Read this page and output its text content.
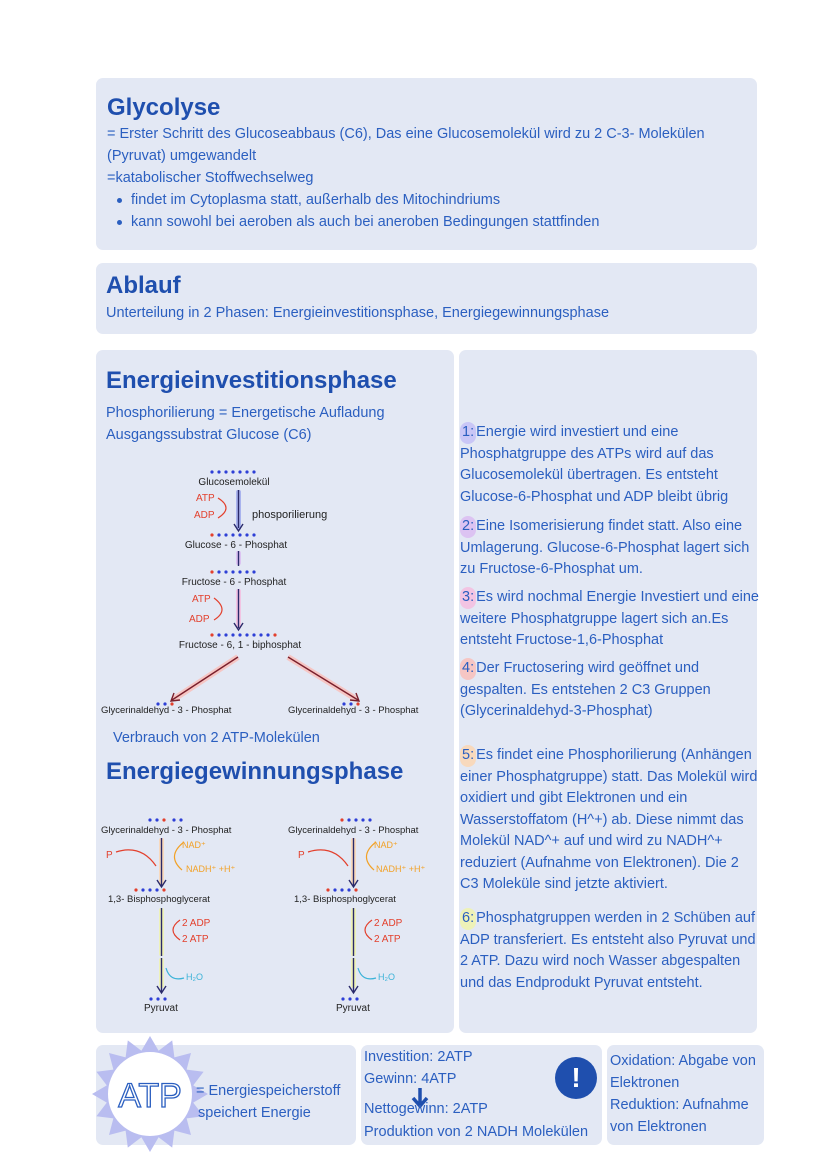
Glycolyse
= Erster Schritt des Glucoseabbaus (C6), Das eine Glucosemolekül wird zu 2 C-3- Molekülen
(Pyruvat) umgewandelt
=katabolischer Stoffwechselweg
findet im Cytoplasma statt, außerhalb des Mitochindriums
kann sowohl bei aeroben als auch bei aneroben Bedingungen stattfinden
Ablauf
Unterteilung in 2 Phasen: Energieinvestitionsphase, Energiegewinnungsphase
Energieinvestitionsphase
Phosphorilierung = Energetische Aufladung
Ausgangssubstrat Glucose (C6)
Glucosemolekül
ATP
ADP	phosporilierung
Glucose - 6 - Phosphat
Fructose - 6 - Phosphat
ATP
ADP
Fructose - 6, 1 - biphosphat
Glycerinaldehyd - 3 - Phosphat	Glycerinaldehyd - 3 - Phosphat
Verbrauch von 2 ATP-Molekülen
Energiegewinnungsphase
Glycerinaldehyd - 3 - Phosphat
P
NAD⁺
NADH⁺ +H⁺
1,3- Bisphosphoglycerat
2 ADP
2 ATP
H₂O
Pyruvat
Glycerinaldehyd - 3 - Phosphat
P
NAD⁺
NADH⁺ +H⁺
1,3- Bisphosphoglycerat
2 ADP
2 ATP
H₂O
Pyruvat
1: Energie wird investiert und eine Phosphatgruppe des ATPs wird auf das Glucosemolekül übertragen. Es entsteht Glucose-6-Phosphat und ADP bleibt übrig
2: Eine Isomerisierung findet statt. Also eine Umlagerung. Glucose-6-Phosphat lagert sich zu Fructose-6-Phosphat um.
3: Es wird nochmal Energie Investiert und eine weitere Phosphatgruppe lagert sich an.Es entsteht Fructose-1,6-Phosphat
4: Der Fructosering wird geöffnet und gespalten. Es entstehen 2 C3 Gruppen (Glycerinaldehyd-3-Phosphat)
5: Es findet eine Phosphorilierung (Anhängen einer Phosphatgruppe) statt. Das Molekül wird oxidiert und gibt Elektronen und ein Wasserstoffatom (H^+) ab. Diese nimmt das Molekül NAD^+ auf und wird zu NADH^+ reduziert (Aufnahme von Elektronen). Die 2 C3 Moleküle sind jetzte aktiviert.
6: Phosphatgruppen werden in 2 Schüben auf ADP transferiert. Es entsteht also Pyruvat und 2 ATP. Dazu wird noch Wasser abgespalten und das Endprodukt Pyruvat entsteht.
ATP = Energiespeicherstoff
speichert Energie
Investition: 2ATP
Gewinn: 4ATP
Nettogewinn: 2ATP
Produktion von 2 NADH Molekülen
!
Oxidation: Abgabe von Elektronen
Reduktion: Aufnahme von Elektronen
